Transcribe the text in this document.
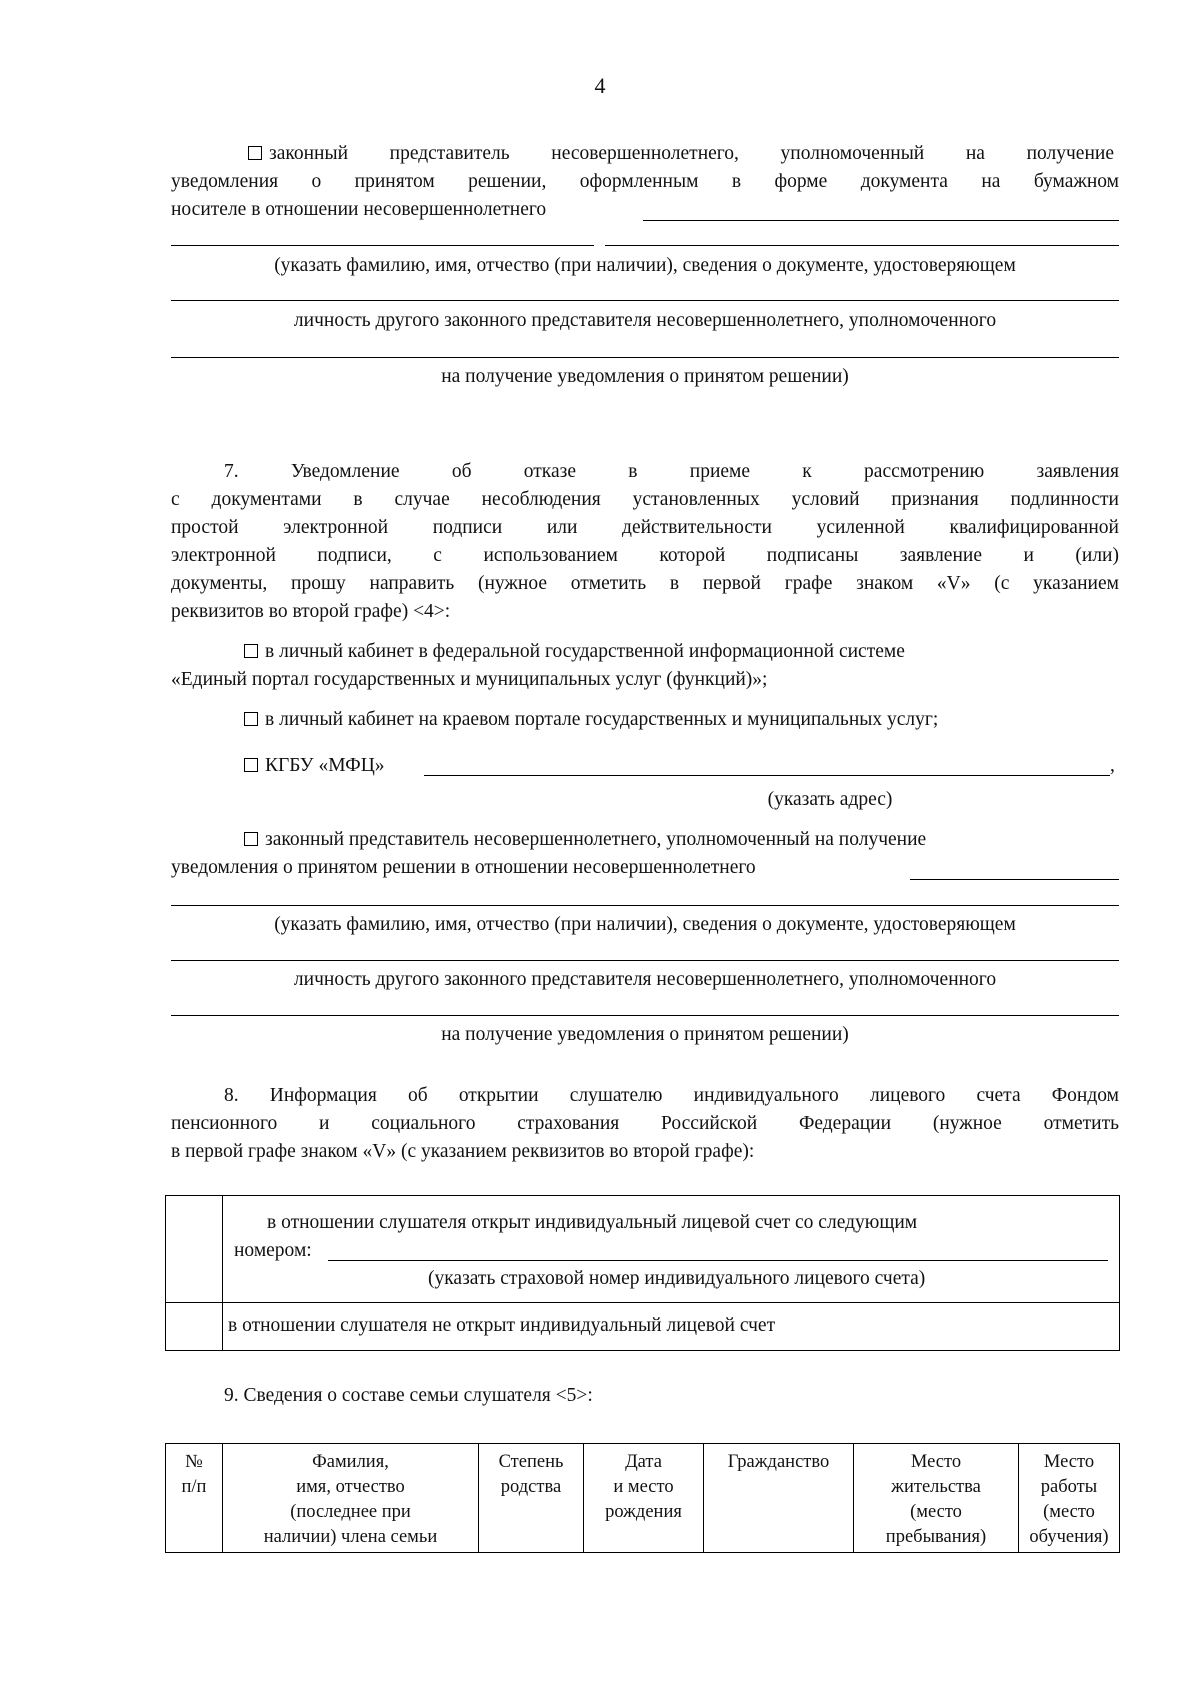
4
законный представитель несовершеннолетнего, уполномоченный на получение
уведомления о принятом решении, оформленным в форме документа на бумажном
носителе в отношении несовершеннолетнего
(указать фамилию, имя, отчество (при наличии), сведения о документе, удостоверяющем
личность другого законного представителя несовершеннолетнего, уполномоченного
на получение уведомления о принятом решении)
7. Уведомление об отказе в приеме к рассмотрению заявления
с документами в случае несоблюдения установленных условий признания подлинности
простой электронной подписи или действительности усиленной квалифицированной
электронной подписи, с использованием которой подписаны заявление и (или)
документы, прошу направить (нужное отметить в первой графе знаком «V» (с указанием
реквизитов во второй графе) <4>:
в личный кабинет в федеральной государственной информационной системе
«Единый портал государственных и муниципальных услуг (функций)»;
в личный кабинет на краевом портале государственных и муниципальных услуг;
КГБУ «МФЦ»	,
(указать адрес)
законный представитель несовершеннолетнего, уполномоченный на получение
уведомления о принятом решении в отношении несовершеннолетнего
(указать фамилию, имя, отчество (при наличии), сведения о документе, удостоверяющем
личность другого законного представителя несовершеннолетнего, уполномоченного
на получение уведомления о принятом решении)
8. Информация об открытии слушателю индивидуального лицевого счета Фондом
пенсионного и социального страхования Российской Федерации (нужное отметить
в первой графе знаком «V» (с указанием реквизитов во второй графе):

	в отношении слушателя открыт индивидуальный лицевой счет со следующим
номером:
(указать страховой номер индивидуального лицевого счета)

	в отношении слушателя не открыт индивидуальный лицевой счет
9. Сведения о составе семьи слушателя <5>:
№
п/п	Фамилия,
имя, отчество
(последнее при
наличии) члена семьи	Степень
родства	Дата
и место
рождения	Гражданство	Место
жительства
(место
пребывания)	Место
работы
(место
обучения)
